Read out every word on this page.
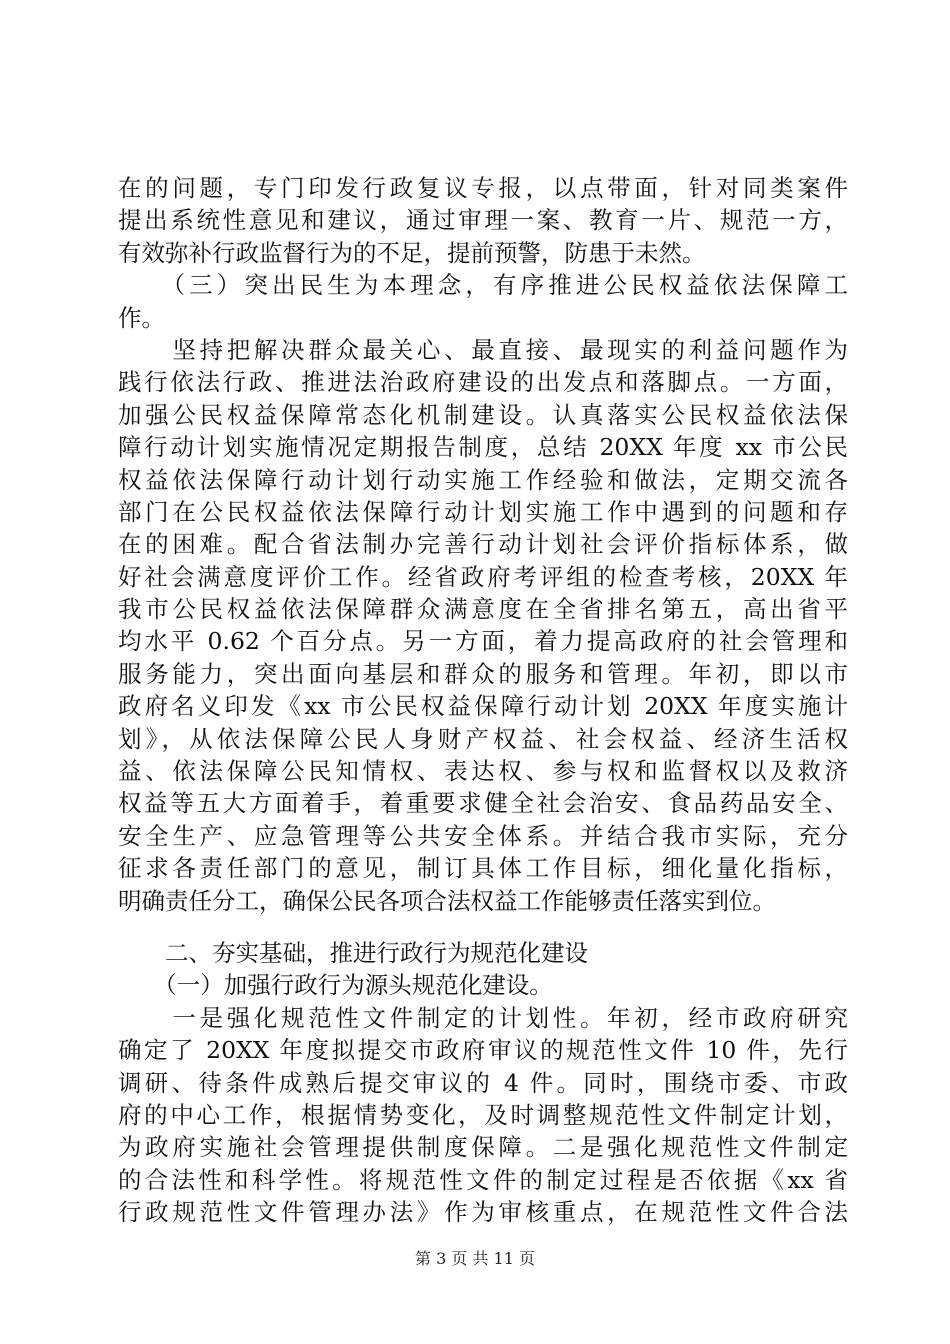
在的问题，专门印发行政复议专报，以点带面，针对同类案件
提出系统性意见和建议，通过审理一案、教育一片、规范一方，
有效弥补行政监督行为的不足，提前预警，防患于未然。
　　（三）突出民生为本理念，有序推进公民权益依法保障工
作。
　　坚持把解决群众最关心、最直接、最现实的利益问题作为
践行依法行政、推进法治政府建设的出发点和落脚点。一方面，
加强公民权益保障常态化机制建设。认真落实公民权益依法保
障行动计划实施情况定期报告制度，总结 20XX 年度 xx 市公民
权益依法保障行动计划行动实施工作经验和做法，定期交流各
部门在公民权益依法保障行动计划实施工作中遇到的问题和存
在的困难。配合省法制办完善行动计划社会评价指标体系，做
好社会满意度评价工作。经省政府考评组的检查考核，20XX 年
我市公民权益依法保障群众满意度在全省排名第五，高出省平
均水平 0.62 个百分点。另一方面，着力提高政府的社会管理和
服务能力，突出面向基层和群众的服务和管理。年初，即以市
政府名义印发《xx 市公民权益保障行动计划 20XX 年度实施计
划》，从依法保障公民人身财产权益、社会权益、经济生活权
益、依法保障公民知情权、表达权、参与权和监督权以及救济
权益等五大方面着手，着重要求健全社会治安、食品药品安全、
安全生产、应急管理等公共安全体系。并结合我市实际，充分
征求各责任部门的意见，制订具体工作目标，细化量化指标，
明确责任分工，确保公民各项合法权益工作能够责任落实到位。
　　二、夯实基础，推进行政行为规范化建设
　　（一）加强行政行为源头规范化建设。
　　一是强化规范性文件制定的计划性。年初，经市政府研究
确定了 20XX 年度拟提交市政府审议的规范性文件 10 件，先行
调研、待条件成熟后提交审议的 4 件。同时，围绕市委、市政
府的中心工作，根据情势变化，及时调整规范性文件制定计划，
为政府实施社会管理提供制度保障。二是强化规范性文件制定
的合法性和科学性。将规范性文件的制定过程是否依据《xx 省
行政规范性文件管理办法》作为审核重点，在规范性文件合法
第 3 页 共 11 页
